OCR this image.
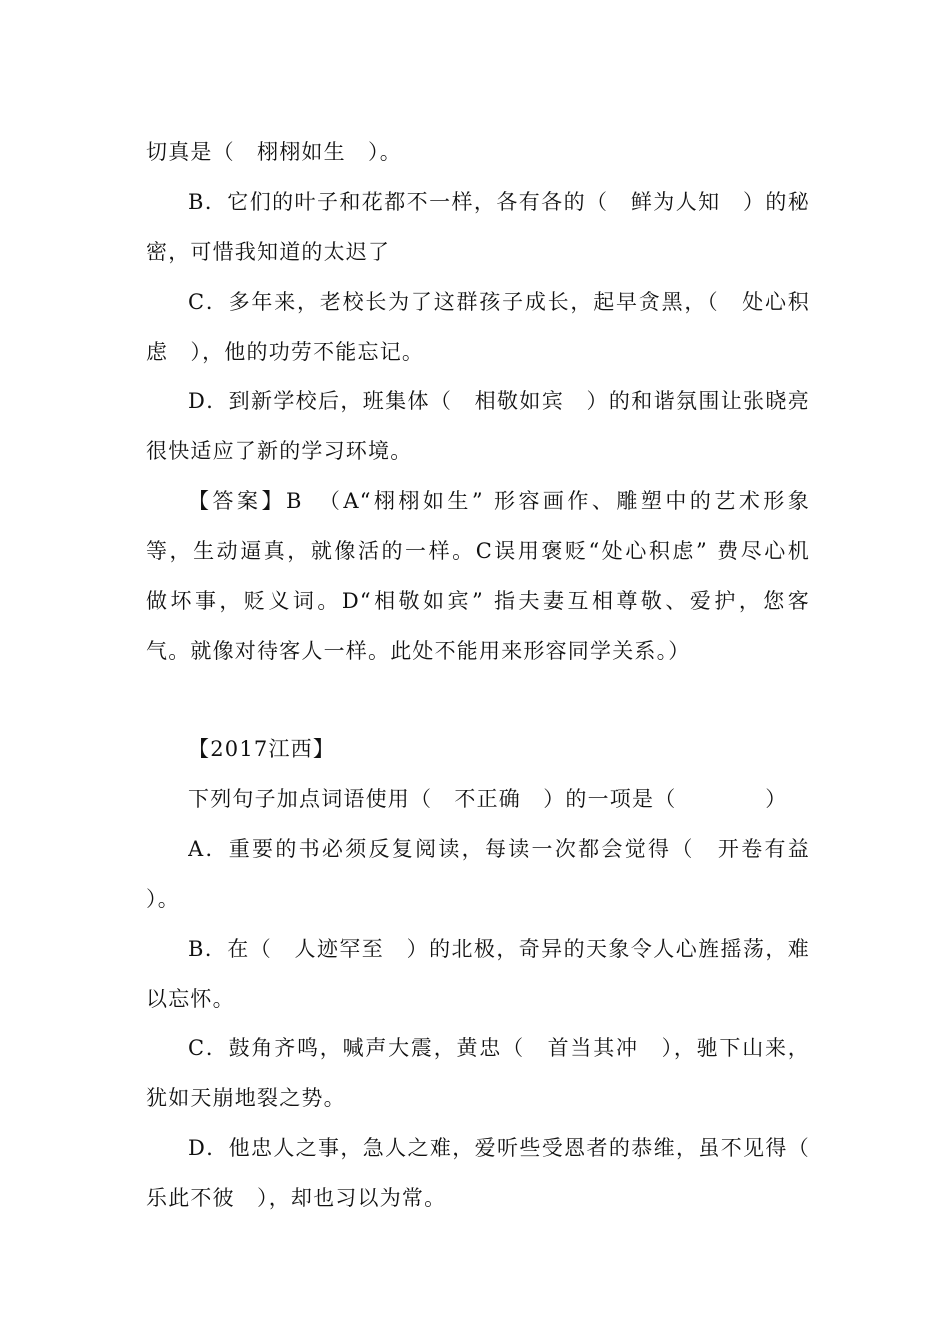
切真是（　栩栩如生　）。
B．它们的叶子和花都不一样，各有各的（　鲜为人知　）的秘
密，可惜我知道的太迟了
C．多年来，老校长为了这群孩子成长，起早贪黑，（　处心积
虑　），他的功劳不能忘记。
D．到新学校后，班集体（　相敬如宾　）的和谐氛围让张晓亮
很快适应了新的学习环境。
【答案】B　（A“栩栩如生” 形容画作、雕塑中的艺术形象
等，生动逼真，就像活的一样。C误用褒贬“处心积虑” 费尽心机
做坏事，贬义词。D“相敬如宾” 指夫妻互相尊敬、爱护，您客
气。就像对待客人一样。此处不能用来形容同学关系。）
【2017江西】
下列句子加点词语使用（　不正确　）的一项是（　　　　）
A．重要的书必须反复阅读，每读一次都会觉得（　开卷有益
）。
B．在（　人迹罕至　）的北极，奇异的天象令人心旌摇荡，难
以忘怀。
C．鼓角齐鸣，喊声大震，黄忠（　首当其冲　），驰下山来，
犹如天崩地裂之势。
D．他忠人之事，急人之难，爱听些受恩者的恭维，虽不见得（
乐此不彼　），却也习以为常。
